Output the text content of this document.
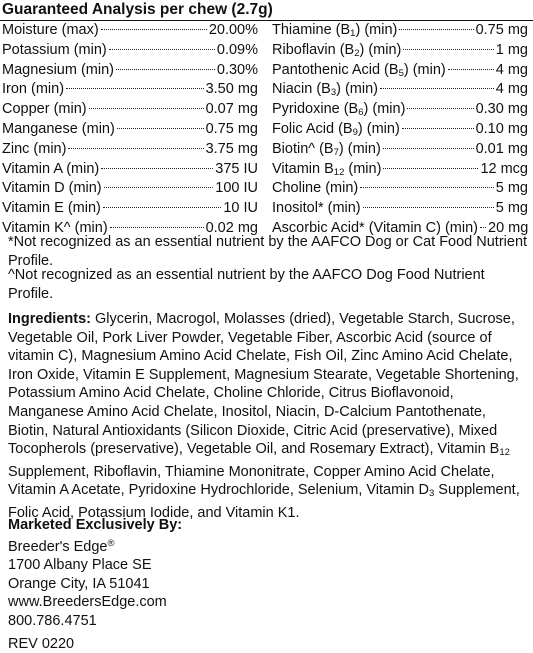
Guaranteed Analysis per chew (2.7g)
Moisture (max)	20.00%
Potassium (min)	0.09%
Magnesium (min)	0.30%
Iron (min)	3.50 mg
Copper (min)	0.07 mg
Manganese (min)	0.75 mg
Zinc (min)	3.75 mg
Vitamin A (min)	375 IU
Vitamin D (min)	100 IU
Vitamin E (min)	10 IU
Vitamin K^ (min)	0.02 mg
Thiamine $(B_1)$ (min)	0.75 mg
Riboflavin $(B_2)$ (min)	1 mg
Pantothenic Acid $(B_5)$ (min)	4 mg
Niacin $(B_3)$ (min)	4 mg
Pyridoxine $(B_6)$ (min)	0.30 mg
Folic Acid $(B_9)$ (min)	0.10 mg
Biotin^ $(B_7)$ (min)	0.01 mg
Vitamin $B_{12}$ (min)	12 mcg
Choline (min)	5 mg
Inositol* (min)	5 mg
Ascorbic Acid* (Vitamin C) (min) 20 mg
*Not recognized as an essential nutrient by the AAFCO Dog or Cat Food Nutrient Profile.
^Not recognized as an essential nutrient by the AAFCO Dog Food Nutrient Profile.
Ingredients: Glycerin, Macrogol, Molasses (dried), Vegetable Starch, Sucrose, Vegetable Oil, Pork Liver Powder, Vegetable Fiber, Ascorbic Acid (source of vitamin C), Magnesium Amino Acid Chelate, Fish Oil, Zinc Amino Acid Chelate, Iron Oxide, Vitamin E Supplement, Magnesium Stearate, Vegetable Shortening, Potassium Amino Acid Chelate, Choline Chloride, Citrus Bioflavonoid, Manganese Amino Acid Chelate, Inositol, Niacin, D-Calcium Pantothenate, Biotin, Natural Antioxidants (Silicon Dioxide, Citric Acid (preservative), Mixed Tocopherols (preservative), Vegetable Oil, and Rosemary Extract), Vitamin $B_{12}$ Supplement, Riboflavin, Thiamine Mononitrate, Copper Amino Acid Chelate, Vitamin A Acetate, Pyridoxine Hydrochloride, Selenium, Vitamin $D_3$ Supplement, Folic Acid, Potassium Iodide, and Vitamin K1.
Marketed Exclusively By:
Breeder's Edge®
1700 Albany Place SE
Orange City, IA 51041
www.BreedersEdge.com
800.786.4751
REV 0220
